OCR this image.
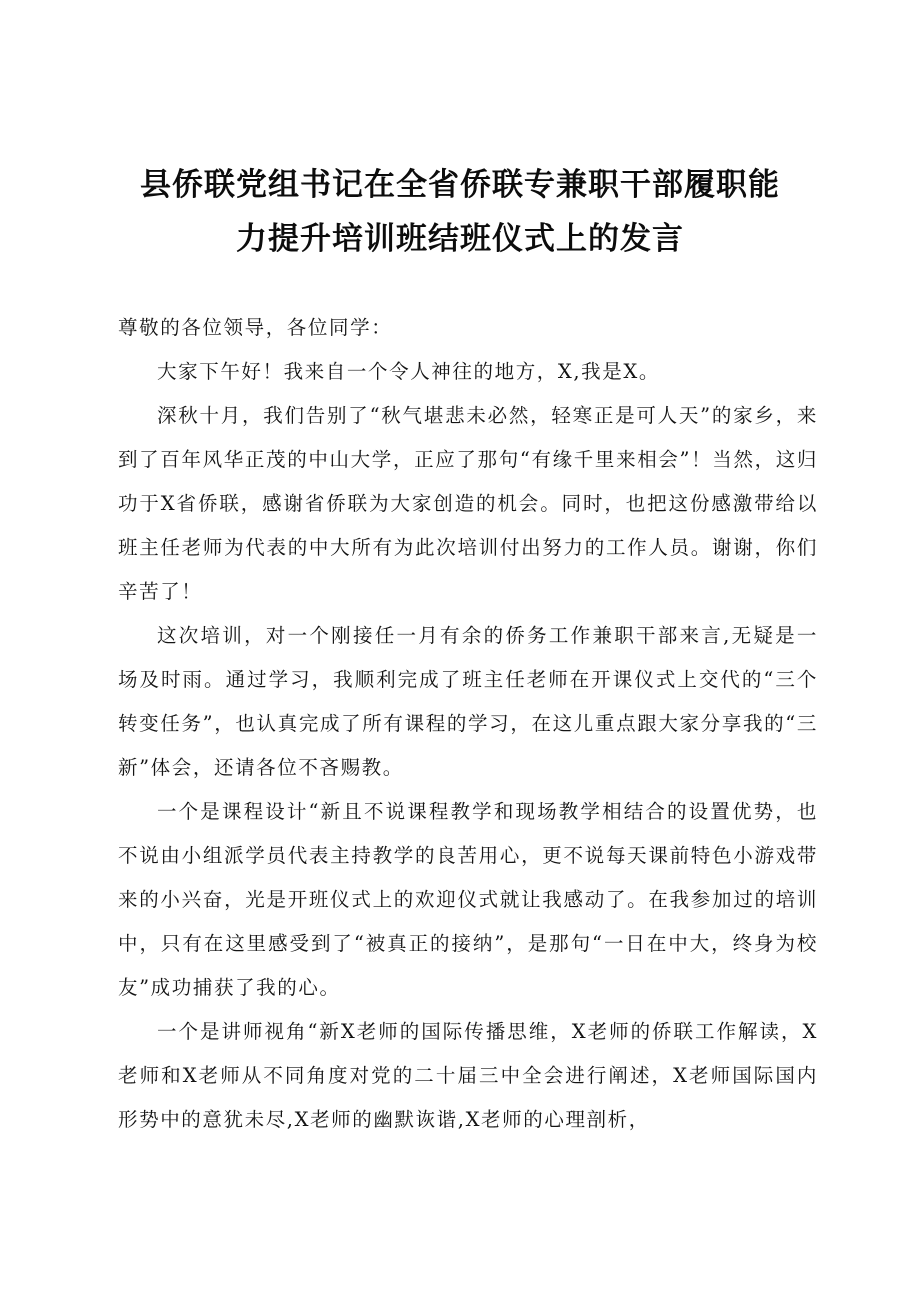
县侨联党组书记在全省侨联专兼职干部履职能
力提升培训班结班仪式上的发言

尊敬的各位领导，各位同学：

大家下午好！我来自一个令人神往的地方，X,我是X。

深秋十月，我们告别了“秋气堪悲未必然，轻寒正是可人天”的家乡，来到了百年风华正茂的中山大学，正应了那句“有缘千里来相会”！当然，这归功于X省侨联，感谢省侨联为大家创造的机会。同时，也把这份感激带给以班主任老师为代表的中大所有为此次培训付出努力的工作人员。谢谢，你们辛苦了！

这次培训，对一个刚接任一月有余的侨务工作兼职干部来言,无疑是一场及时雨。通过学习，我顺利完成了班主任老师在开课仪式上交代的“三个转变任务”，也认真完成了所有课程的学习，在这儿重点跟大家分享我的“三新”体会，还请各位不吝赐教。

一个是课程设计“新且不说课程教学和现场教学相结合的设置优势，也不说由小组派学员代表主持教学的良苦用心，更不说每天课前特色小游戏带来的小兴奋，光是开班仪式上的欢迎仪式就让我感动了。在我参加过的培训中，只有在这里感受到了“被真正的接纳”，是那句“一日在中大，终身为校友”成功捕获了我的心。

一个是讲师视角“新X老师的国际传播思维，X老师的侨联工作解读，X老师和X老师从不同角度对党的二十届三中全会进行阐述，X老师国际国内形势中的意犹未尽,X老师的幽默诙谐,X老师的心理剖析，
